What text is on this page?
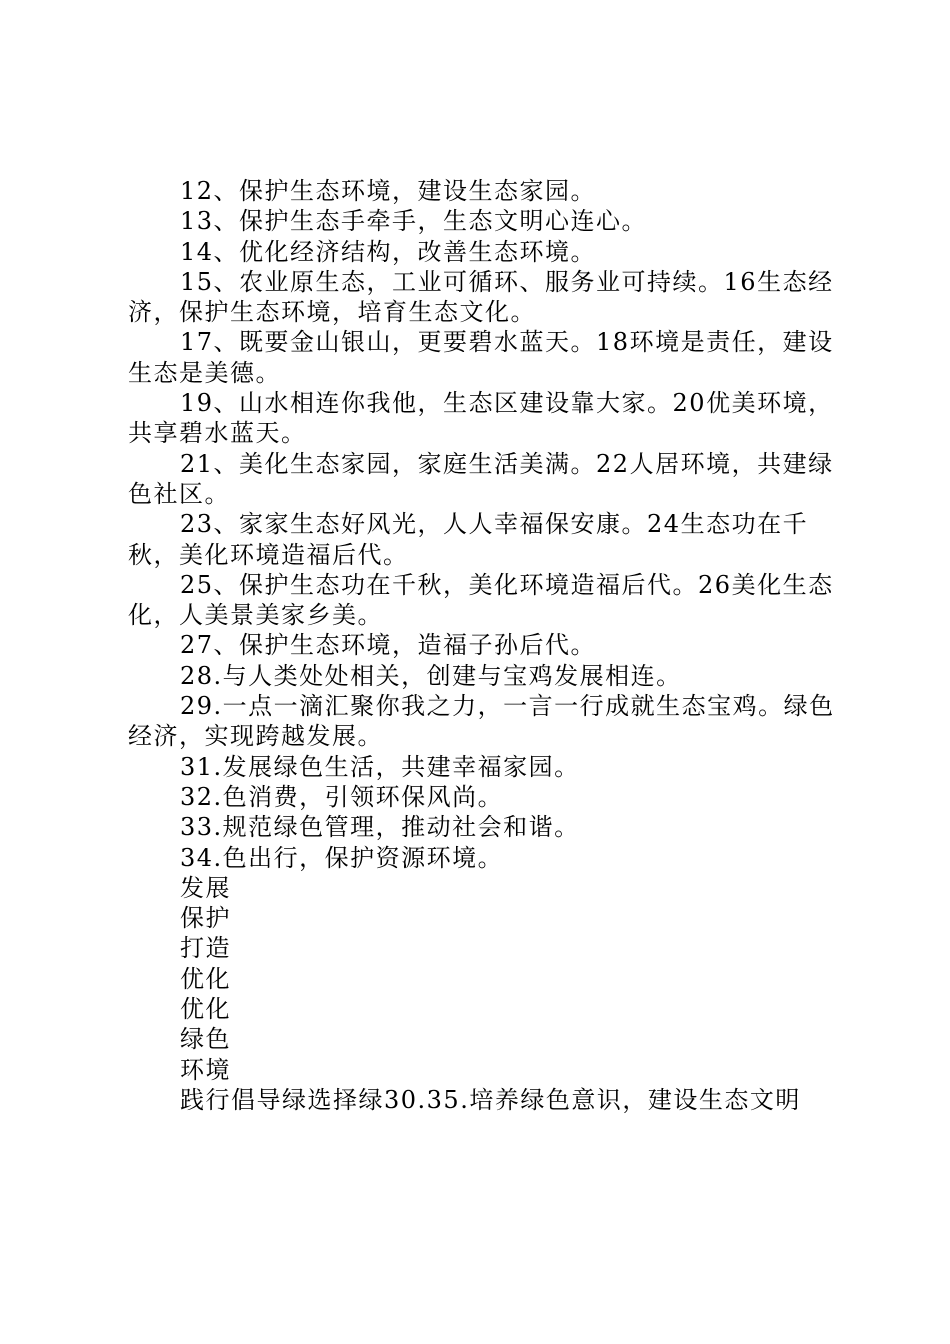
12、保护生态环境，建设生态家园。

13、保护生态手牵手，生态文明心连心。

14、优化经济结构，改善生态环境。

15、农业原生态，工业可循环、服务业可持续。16生态经济，保护生态环境，培育生态文化。

17、既要金山银山，更要碧水蓝天。18环境是责任，建设生态是美德。

19、山水相连你我他，生态区建设靠大家。20优美环境，共享碧水蓝天。

21、美化生态家园，家庭生活美满。22人居环境，共建绿色社区。

23、家家生态好风光，人人幸福保安康。24生态功在千秋，美化环境造福后代。

25、保护生态功在千秋，美化环境造福后代。26美化生态化，人美景美家乡美。

27、保护生态环境，造福子孙后代。

28.与人类处处相关，创建与宝鸡发展相连。

29.一点一滴汇聚你我之力，一言一行成就生态宝鸡。绿色经济，实现跨越发展。

31.发展绿色生活，共建幸福家园。

32.色消费，引领环保风尚。

33.规范绿色管理，推动社会和谐。

34.色出行，保护资源环境。

发展

保护

打造

优化

优化

绿色

环境

践行倡导绿选择绿30.35.培养绿色意识，建设生态文明
